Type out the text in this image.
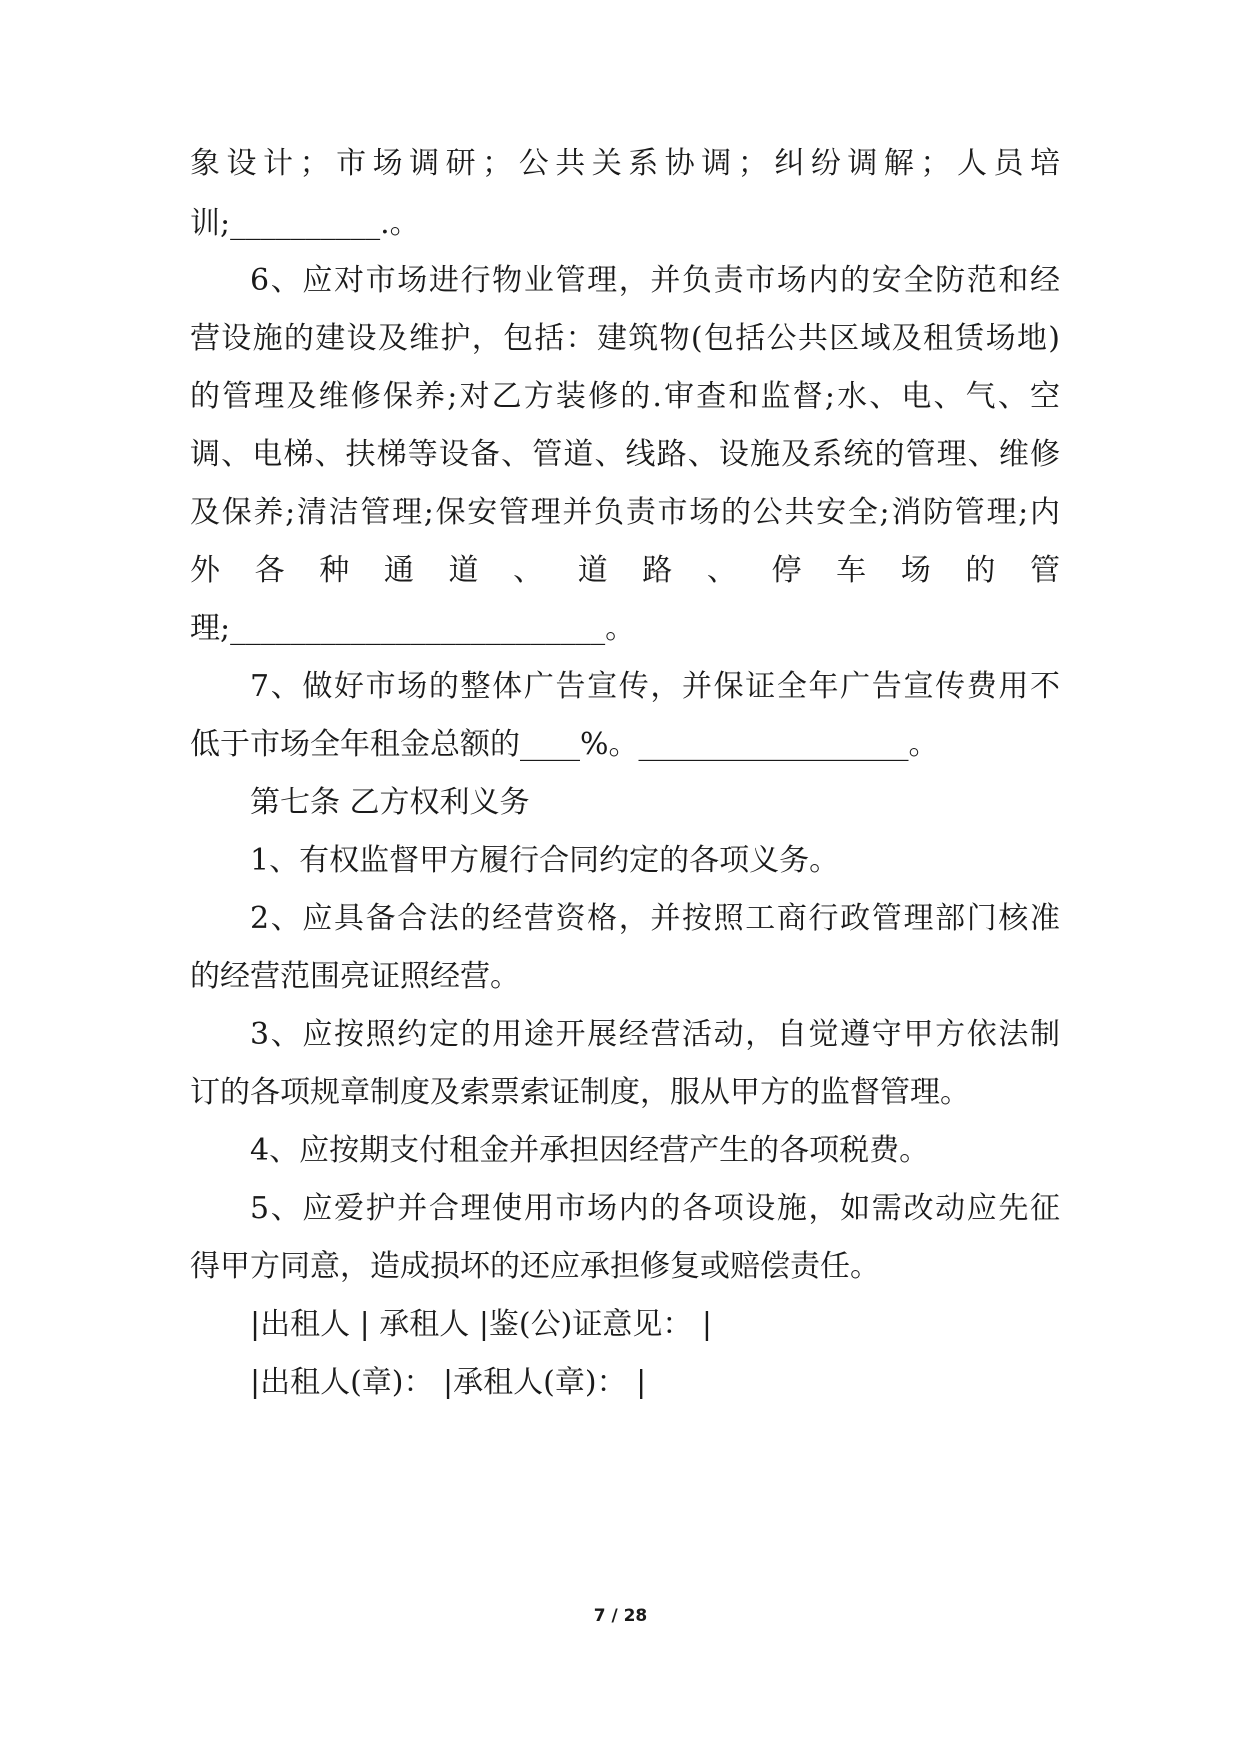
象设计；市场调研；公共关系协调；纠纷调解；人员培
训;__________.。
6、应对市场进行物业管理，并负责市场内的安全防范和经
营设施的建设及维护，包括：建筑物(包括公共区域及租赁场地)
的管理及维修保养;对乙方装修的.审查和监督;水、电、气、空
调、电梯、扶梯等设备、管道、线路、设施及系统的管理、维修
及保养;清洁管理;保安管理并负责市场的公共安全;消防管理;内
外各种通道、道路、停车场的管
理;_________________________。
7、做好市场的整体广告宣传，并保证全年广告宣传费用不
低于市场全年租金总额的____%。__________________。
第七条 乙方权利义务
1、有权监督甲方履行合同约定的各项义务。
2、应具备合法的经营资格，并按照工商行政管理部门核准
的经营范围亮证照经营。
3、应按照约定的用途开展经营活动，自觉遵守甲方依法制
订的各项规章制度及索票索证制度，服从甲方的监督管理。
4、应按期支付租金并承担因经营产生的各项税费。
5、应爱护并合理使用市场内的各项设施，如需改动应先征
得甲方同意，造成损坏的还应承担修复或赔偿责任。
|出租人 | 承租人 |鉴(公)证意见： |
|出租人(章)： |承租人(章)： |
7 / 28
